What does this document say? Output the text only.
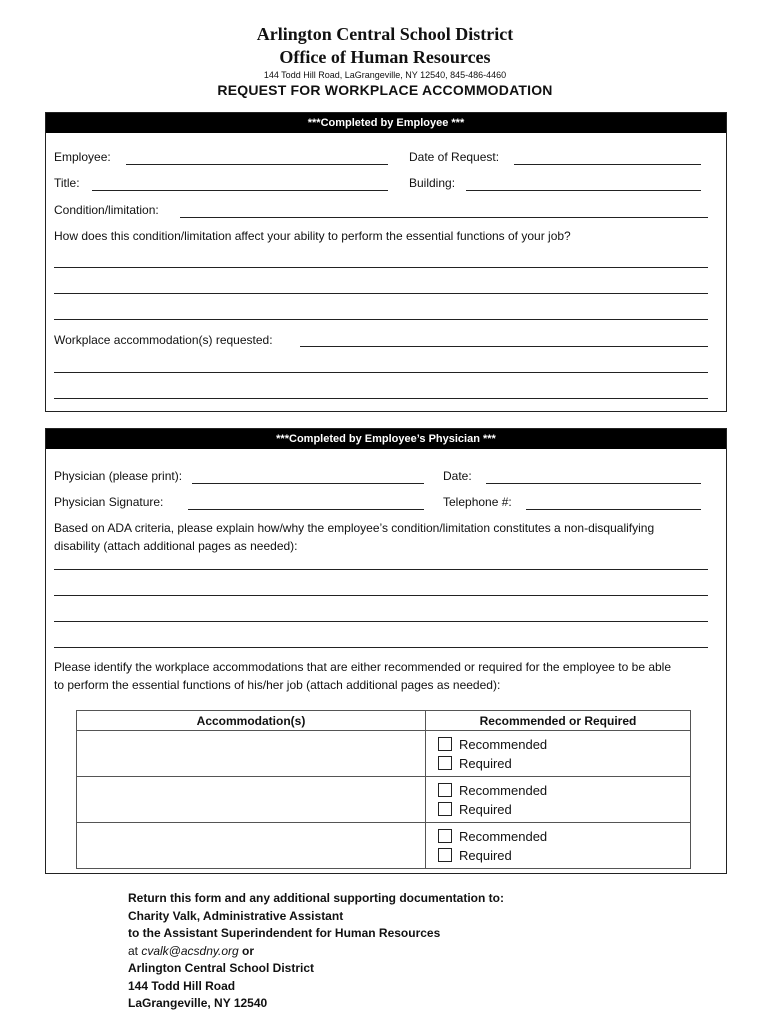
Arlington Central School District
Office of Human Resources
144 Todd Hill Road, LaGrangeville, NY 12540, 845-486-4460
REQUEST FOR WORKPLACE ACCOMMODATION
***Completed by Employee ***
Employee:	Date of Request:
Title:	Building:
Condition/limitation:
How does this condition/limitation affect your ability to perform the essential functions of your job?
Workplace accommodation(s) requested:
***Completed by Employee’s Physician ***
Physician (please print):	Date:
Physician Signature:	Telephone #:
Based on ADA criteria, please explain how/why the employee’s condition/limitation constitutes a non-disqualifying
disability (attach additional pages as needed):
Please identify the workplace accommodations that are either recommended or required for the employee to be able
to perform the essential functions of his/her job (attach additional pages as needed):
Accommodation(s)	Recommended or Required

	Recommended
Required

	Recommended
Required

	Recommended
Required
Return this form and any additional supporting documentation to:
Charity Valk, Administrative Assistant
to the Assistant Superindendent for Human Resources
at cvalk@acsdny.org or
Arlington Central School District
144 Todd Hill Road
LaGrangeville, NY 12540
